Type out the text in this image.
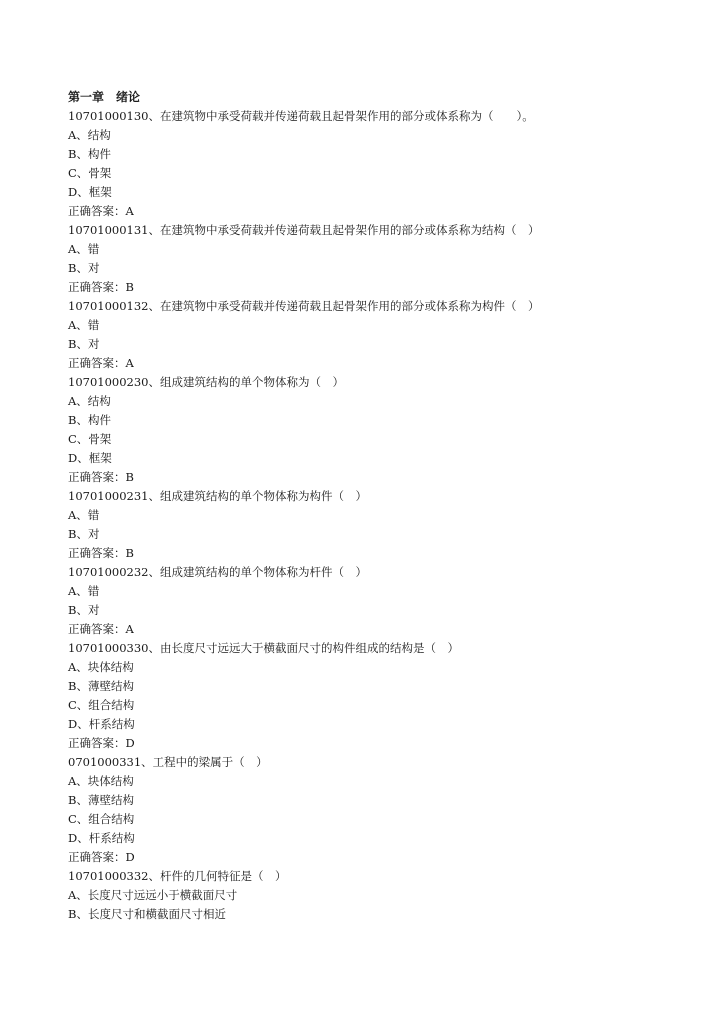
第一章　绪论
10701000130、在建筑物中承受荷载并传递荷载且起骨架作用的部分或体系称为（　　）。
A、结构
B、构件
C、骨架
D、框架
正确答案：A
10701000131、在建筑物中承受荷载并传递荷载且起骨架作用的部分或体系称为结构（　）
A、错
B、对
正确答案：B
10701000132、在建筑物中承受荷载并传递荷载且起骨架作用的部分或体系称为构件（　）
A、错
B、对
正确答案：A
10701000230、组成建筑结构的单个物体称为（　）
A、结构
B、构件
C、骨架
D、框架
正确答案：B
10701000231、组成建筑结构的单个物体称为构件（　）
A、错
B、对
正确答案：B
10701000232、组成建筑结构的单个物体称为杆件（　）
A、错
B、对
正确答案：A
10701000330、由长度尺寸远远大于横截面尺寸的构件组成的结构是（　）
A、块体结构
B、薄壁结构
C、组合结构
D、杆系结构
正确答案：D
0701000331、工程中的梁属于（　）
A、块体结构
B、薄壁结构
C、组合结构
D、杆系结构
正确答案：D
10701000332、杆件的几何特征是（　）
A、长度尺寸远远小于横截面尺寸
B、长度尺寸和横截面尺寸相近
